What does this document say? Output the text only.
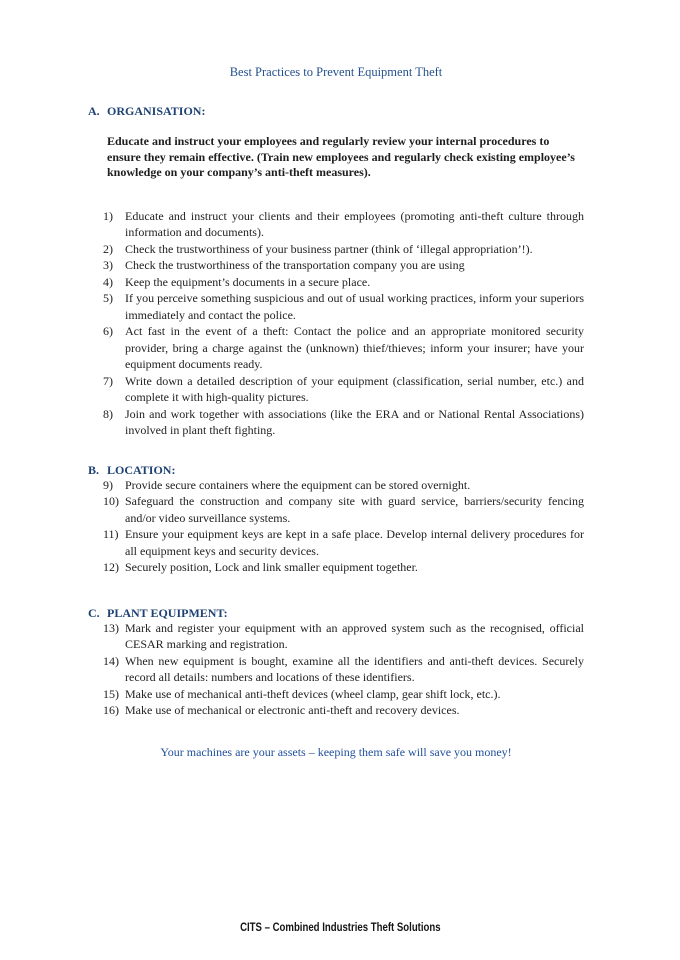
Best Practices to Prevent Equipment Theft
A. ORGANISATION:

Educate and instruct your employees and regularly review your internal procedures to ensure they remain effective. (Train new employees and regularly check existing employee’s knowledge on your company’s anti-theft measures).

1)	Educate and instruct your clients and their employees (promoting anti-theft culture through information and documents).
2)	Check the trustworthiness of your business partner (think of ‘illegal appropriation’!).
3)	Check the trustworthiness of the transportation company you are using
4)	Keep the equipment’s documents in a secure place.
5)	If you perceive something suspicious and out of usual working practices, inform your superiors immediately and contact the police.
6)	Act fast in the event of a theft: Contact the police and an appropriate monitored security provider, bring a charge against the (unknown) thief/thieves; inform your insurer; have your equipment documents ready.
7)	Write down a detailed description of your equipment (classification, serial number, etc.) and complete it with high-quality pictures.
8)	Join and work together with associations (like the ERA and or National Rental Associations) involved in plant theft fighting.
B. LOCATION:
9)	Provide secure containers where the equipment can be stored overnight.
10) Safeguard the construction and company site with guard service, barriers/security fencing and/or video surveillance systems.
11) Ensure your equipment keys are kept in a safe place. Develop internal delivery procedures for all equipment keys and security devices.
12) Securely position, Lock and link smaller equipment together.
C. PLANT EQUIPMENT:
13) Mark and register your equipment with an approved system such as the recognised, official CESAR marking and registration.
14) When new equipment is bought, examine all the identifiers and anti-theft devices. Securely record all details: numbers and locations of these identifiers.
15) Make use of mechanical anti-theft devices (wheel clamp, gear shift lock, etc.).
16) Make use of mechanical or electronic anti-theft and recovery devices.
Your machines are your assets – keeping them safe will save you money!
CITS – Combined Industries Theft Solutions
